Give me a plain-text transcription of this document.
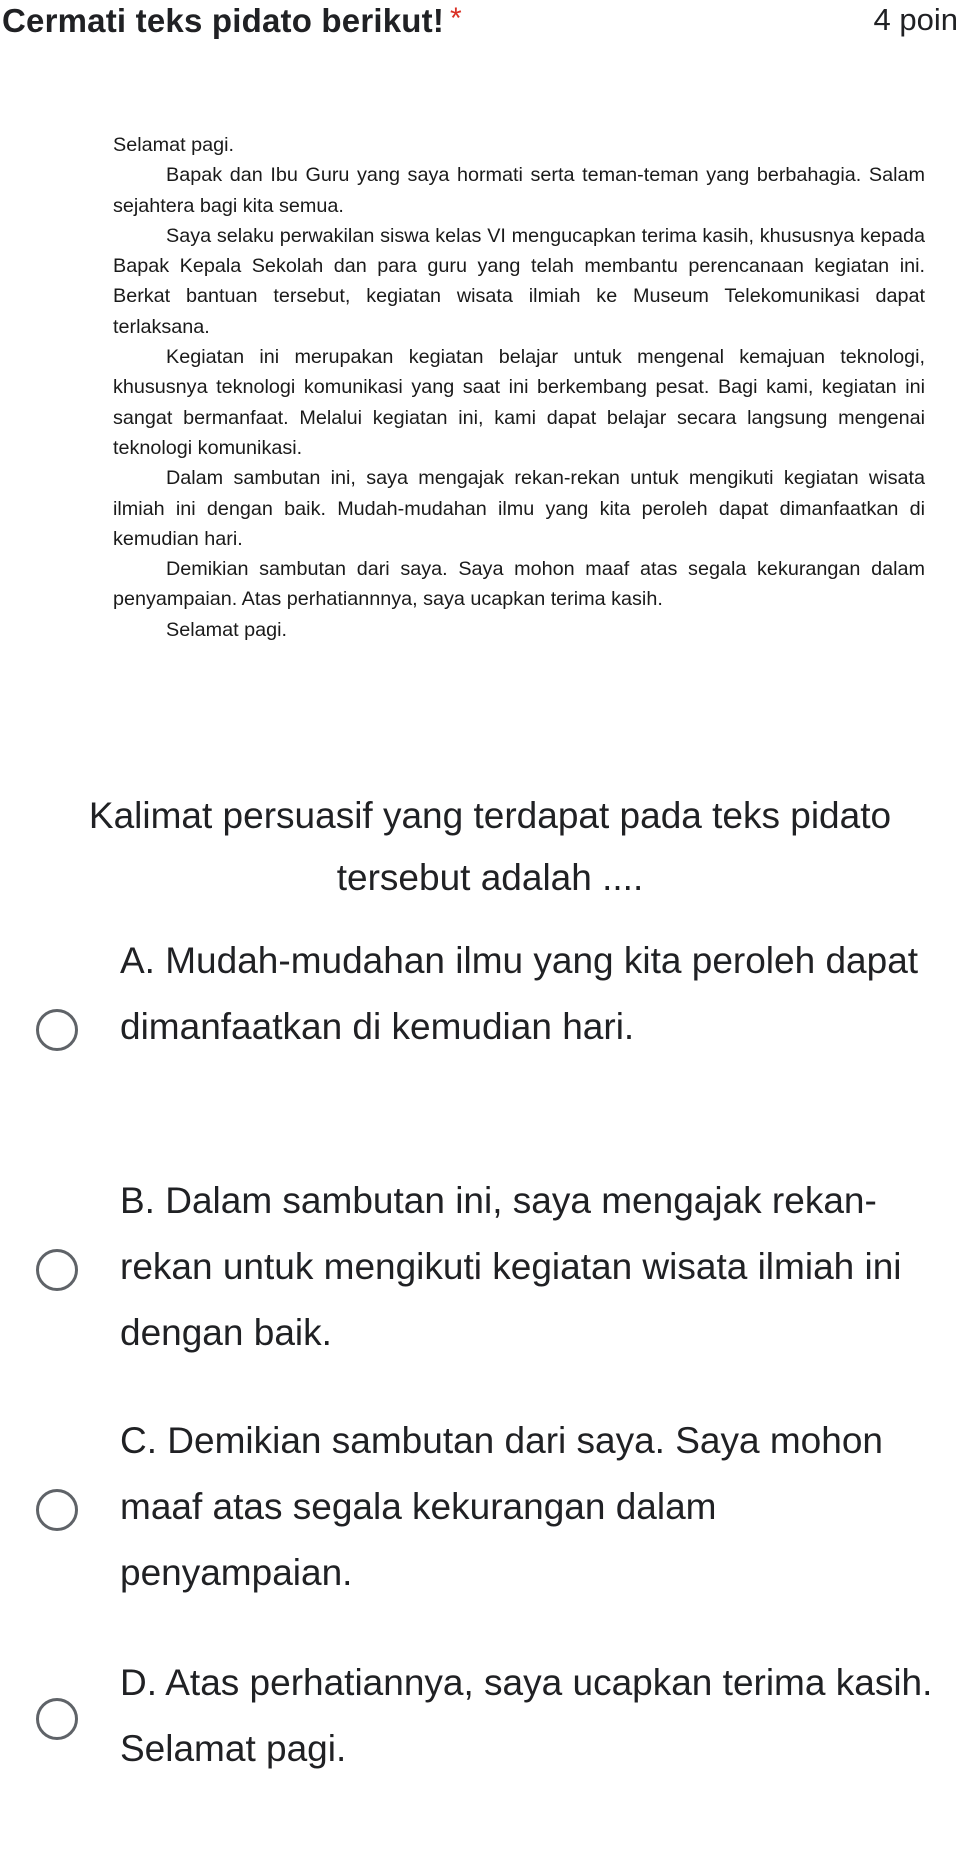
Cermati teks pidato berikut! *	4 poin

Selamat pagi.

Bapak dan Ibu Guru yang saya hormati serta teman-teman yang berbahagia. Salam sejahtera bagi kita semua.

Saya selaku perwakilan siswa kelas VI mengucapkan terima kasih, khususnya kepada Bapak Kepala Sekolah dan para guru yang telah membantu perencanaan kegiatan ini. Berkat bantuan tersebut, kegiatan wisata ilmiah ke Museum Telekomunikasi dapat terlaksana.

Kegiatan ini merupakan kegiatan belajar untuk mengenal kemajuan teknologi, khususnya teknologi komunikasi yang saat ini berkembang pesat. Bagi kami, kegiatan ini sangat bermanfaat. Melalui kegiatan ini, kami dapat belajar secara langsung mengenai teknologi komunikasi.

Dalam sambutan ini, saya mengajak rekan-rekan untuk mengikuti kegiatan wisata ilmiah ini dengan baik. Mudah-mudahan ilmu yang kita peroleh dapat dimanfaatkan di kemudian hari.

Demikian sambutan dari saya. Saya mohon maaf atas segala kekurangan dalam penyampaian. Atas perhatiannnya, saya ucapkan terima kasih.

Selamat pagi.

Kalimat persuasif yang terdapat pada teks pidato tersebut adalah ....
A. Mudah-mudahan ilmu yang kita peroleh dapat dimanfaatkan di kemudian hari.
B. Dalam sambutan ini, saya mengajak rekan-rekan untuk mengikuti kegiatan wisata ilmiah ini dengan baik.
C. Demikian sambutan dari saya. Saya mohon maaf atas segala kekurangan dalam penyampaian.
D. Atas perhatiannya, saya ucapkan terima kasih. Selamat pagi.
